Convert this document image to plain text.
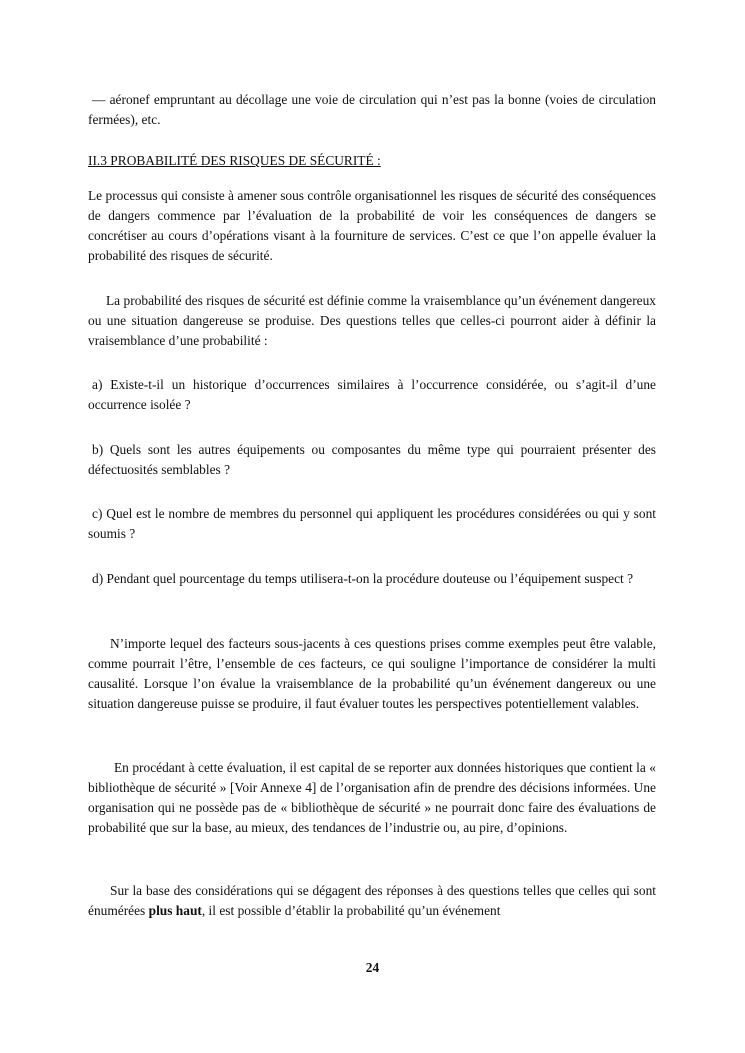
— aéronef empruntant au décollage une voie de circulation qui n’est pas la bonne (voies de circulation fermées), etc.

II.3 PROBABILITÉ DES RISQUES DE SÉCURITÉ :

Le processus qui consiste à amener sous contrôle organisationnel les risques de sécurité des conséquences de dangers commence par l’évaluation de la probabilité de voir les conséquences de dangers se concrétiser au cours d’opérations visant à la fourniture de services. C’est ce que l’on appelle évaluer la probabilité des risques de sécurité.

La probabilité des risques de sécurité est définie comme la vraisemblance qu’un événement dangereux ou une situation dangereuse se produise. Des questions telles que celles-ci pourront aider à définir la vraisemblance d’une probabilité :

a) Existe-t-il un historique d’occurrences similaires à l’occurrence considérée, ou s’agit-il d’une occurrence isolée ?

b) Quels sont les autres équipements ou composantes du même type qui pourraient présenter des défectuosités semblables ?

c) Quel est le nombre de membres du personnel qui appliquent les procédures considérées ou qui y sont soumis ?

d) Pendant quel pourcentage du temps utilisera-t-on la procédure douteuse ou l’équipement suspect ?

N’importe lequel des facteurs sous-jacents à ces questions prises comme exemples peut être valable, comme pourrait l’être, l’ensemble de ces facteurs, ce qui souligne l’importance de considérer la multi causalité. Lorsque l’on évalue la vraisemblance de la probabilité qu’un événement dangereux ou une situation dangereuse puisse se produire, il faut évaluer toutes les perspectives potentiellement valables.

En procédant à cette évaluation, il est capital de se reporter aux données historiques que contient la « bibliothèque de sécurité » [Voir Annexe 4] de l’organisation afin de prendre des décisions informées. Une organisation qui ne possède pas de « bibliothèque de sécurité » ne pourrait donc faire des évaluations de probabilité que sur la base, au mieux, des tendances de l’industrie ou, au pire, d’opinions.

Sur la base des considérations qui se dégagent des réponses à des questions telles que celles qui sont énumérées plus haut, il est possible d’établir la probabilité qu’un événement

24
